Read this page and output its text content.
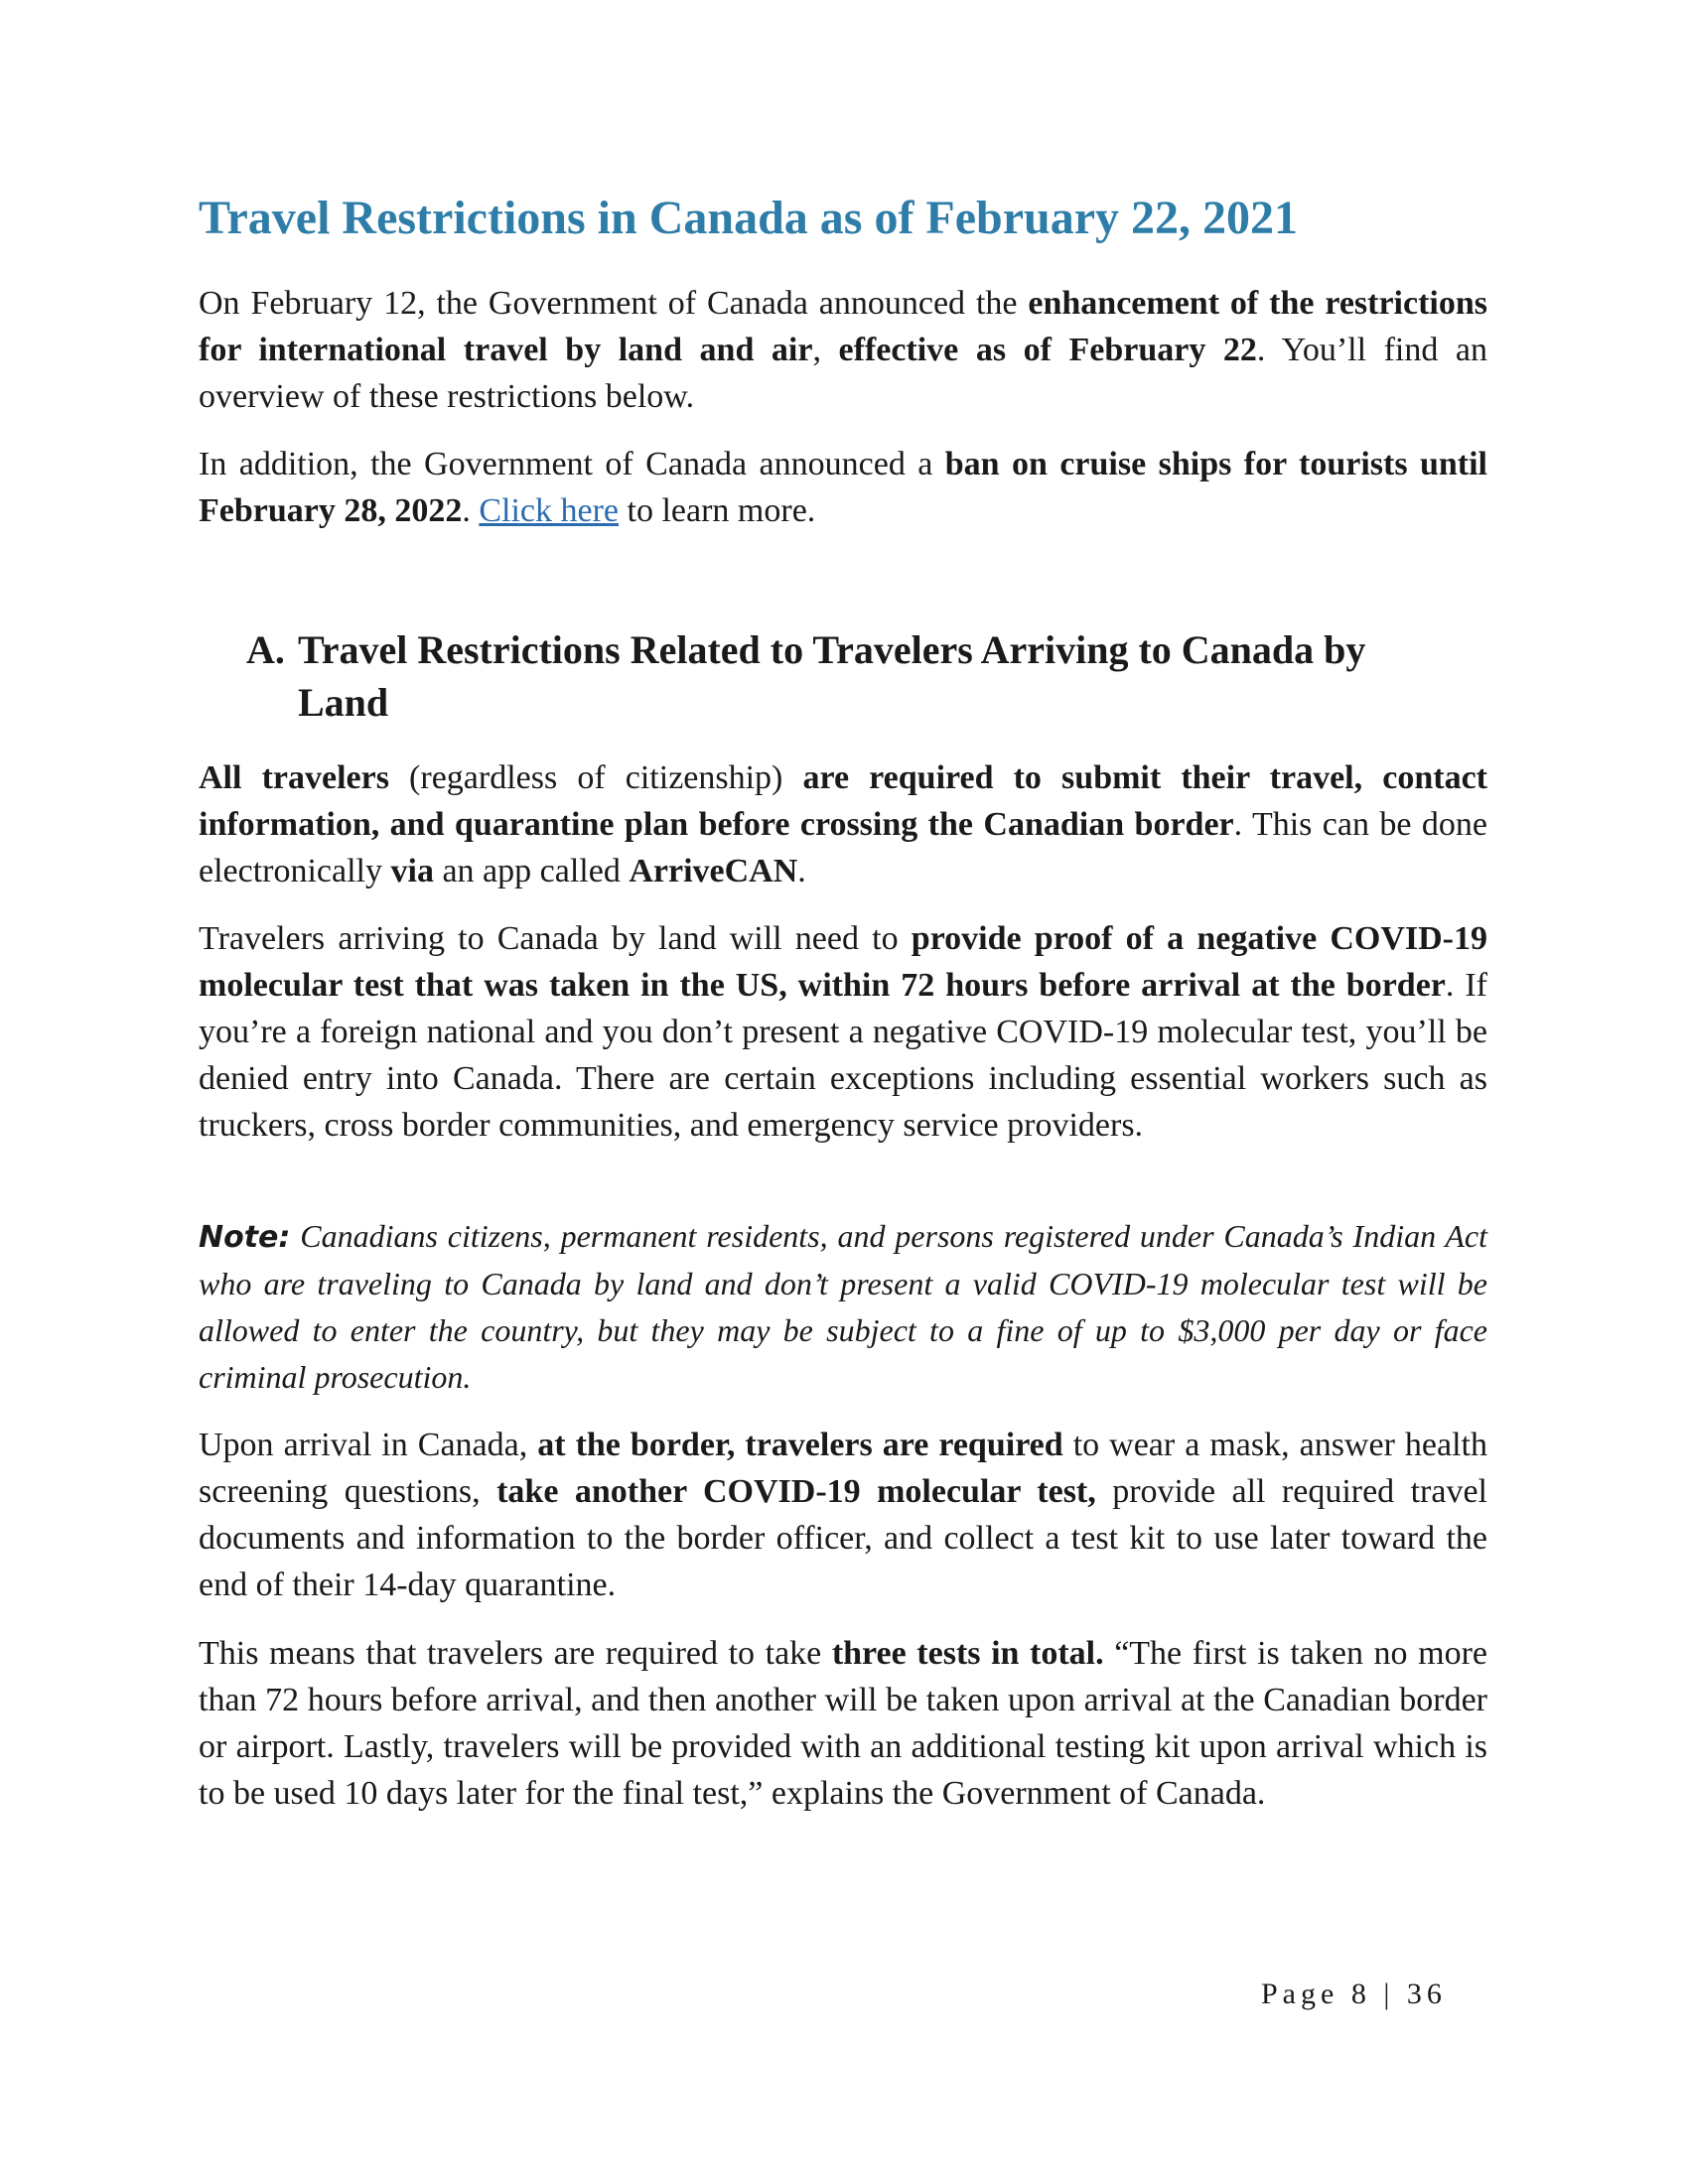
Travel Restrictions in Canada as of February 22, 2021

On February 12, the Government of Canada announced the enhancement of the restrictions for international travel by land and air, effective as of February 22. You’ll find an overview of these restrictions below.

In addition, the Government of Canada announced a ban on cruise ships for tourists until February 28, 2022. Click here to learn more.

A. Travel Restrictions Related to Travelers Arriving to Canada by
Land

All travelers (regardless of citizenship) are required to submit their travel, contact information, and quarantine plan before crossing the Canadian border. This can be done electronically via an app called ArriveCAN.

Travelers arriving to Canada by land will need to provide proof of a negative COVID-19 molecular test that was taken in the US, within 72 hours before arrival at the border. If you’re a foreign national and you don’t present a negative COVID-19 molecular test, you’ll be denied entry into Canada. There are certain exceptions including essential workers such as truckers, cross border communities, and emergency service providers.

Note: Canadians citizens, permanent residents, and persons registered under Canada’s Indian Act who are traveling to Canada by land and don’t present a valid COVID-19 molecular test will be allowed to enter the country, but they may be subject to a fine of up to $3,000 per day or face criminal prosecution.

Upon arrival in Canada, at the border, travelers are required to wear a mask, answer health screening questions, take another COVID-19 molecular test, provide all required travel documents and information to the border officer, and collect a test kit to use later toward the end of their 14-day quarantine.

This means that travelers are required to take three tests in total. “The first is taken no more than 72 hours before arrival, and then another will be taken upon arrival at the Canadian border or airport. Lastly, travelers will be provided with an additional testing kit upon arrival which is to be used 10 days later for the final test,” explains the Government of Canada.

Page 8 | 36
